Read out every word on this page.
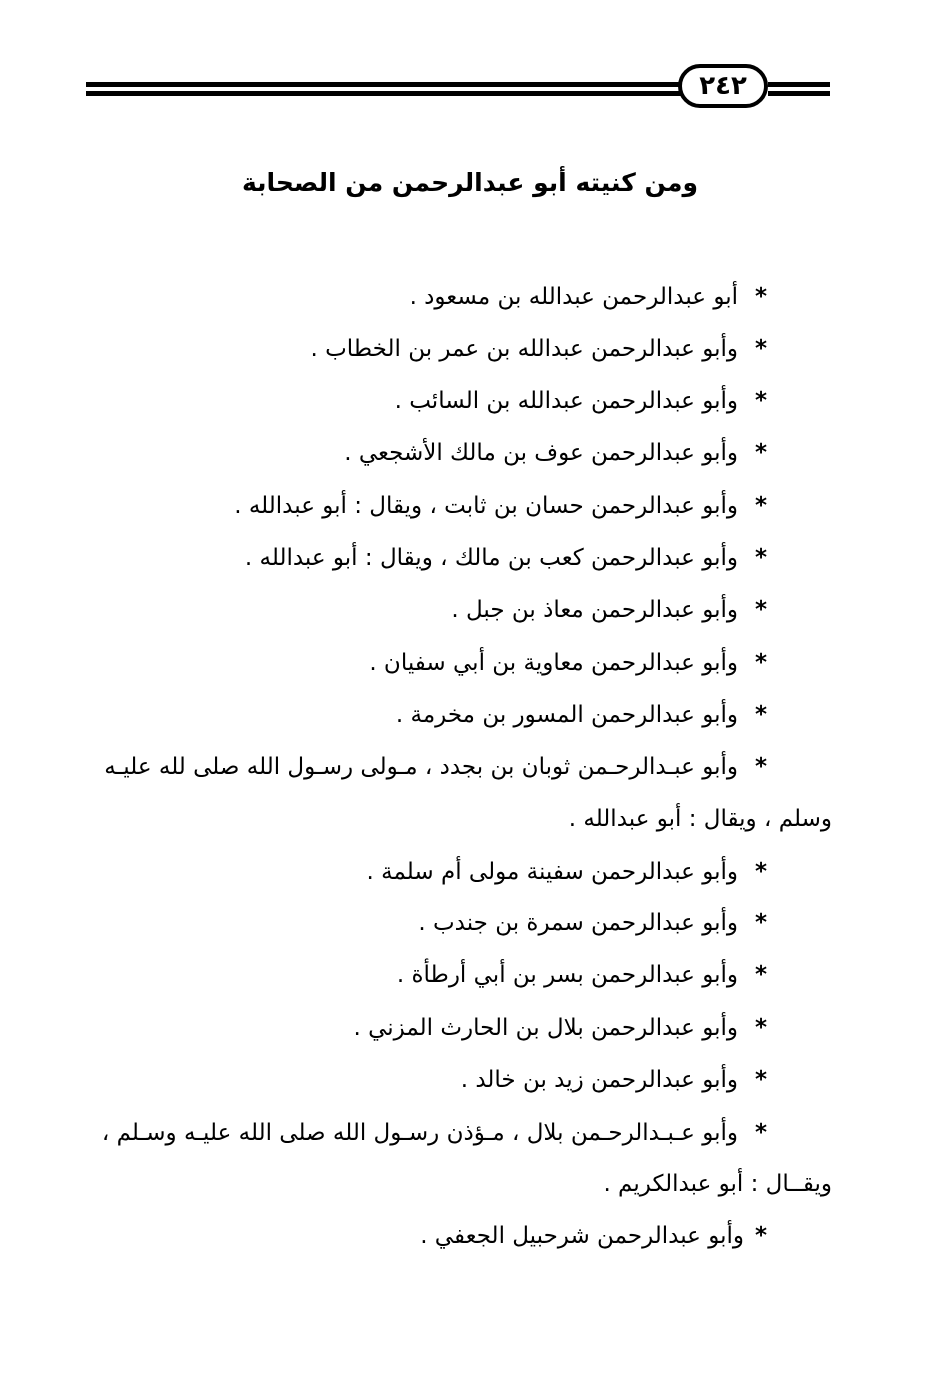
٢٤٢
ومن كنيته أبو عبدالرحمن من الصحابة
*أبو عبدالرحمن عبدالله بن مسعود .
*وأبو عبدالرحمن عبدالله بن عمر بن الخطاب .
*وأبو عبدالرحمن عبدالله بن السائب .
*وأبو عبدالرحمن عوف بن مالك الأشجعي .
*وأبو عبدالرحمن حسان بن ثابت ، ويقال : أبو عبدالله .
*وأبو عبدالرحمن كعب بن مالك ، ويقال : أبو عبدالله .
*وأبو عبدالرحمن معاذ بن جبل .
*وأبو عبدالرحمن معاوية بن أبي سفيان .
*وأبو عبدالرحمن المسور بن مخرمة .
*وأبو عبـدالرحـمن ثوبان بن بجدد ، مـولى رسـول الله صلى لله عليـه
وسلم ، ويقال : أبو عبدالله .
*وأبو عبدالرحمن سفينة مولى أم سلمة .
*وأبو عبدالرحمن سمرة بن جندب .
*وأبو عبدالرحمن بسر بن أبي أرطأة .
*وأبو عبدالرحمن بلال بن الحارث المزني .
*وأبو عبدالرحمن زيد بن خالد .
*وأبو عـبـدالرحـمن بلال ، مـؤذن رسـول الله صلى الله عليـه وسـلم ،
ويقــال : أبو عبدالكريم .
*وأبو عبدالرحمن شرحبيل الجعفي .
